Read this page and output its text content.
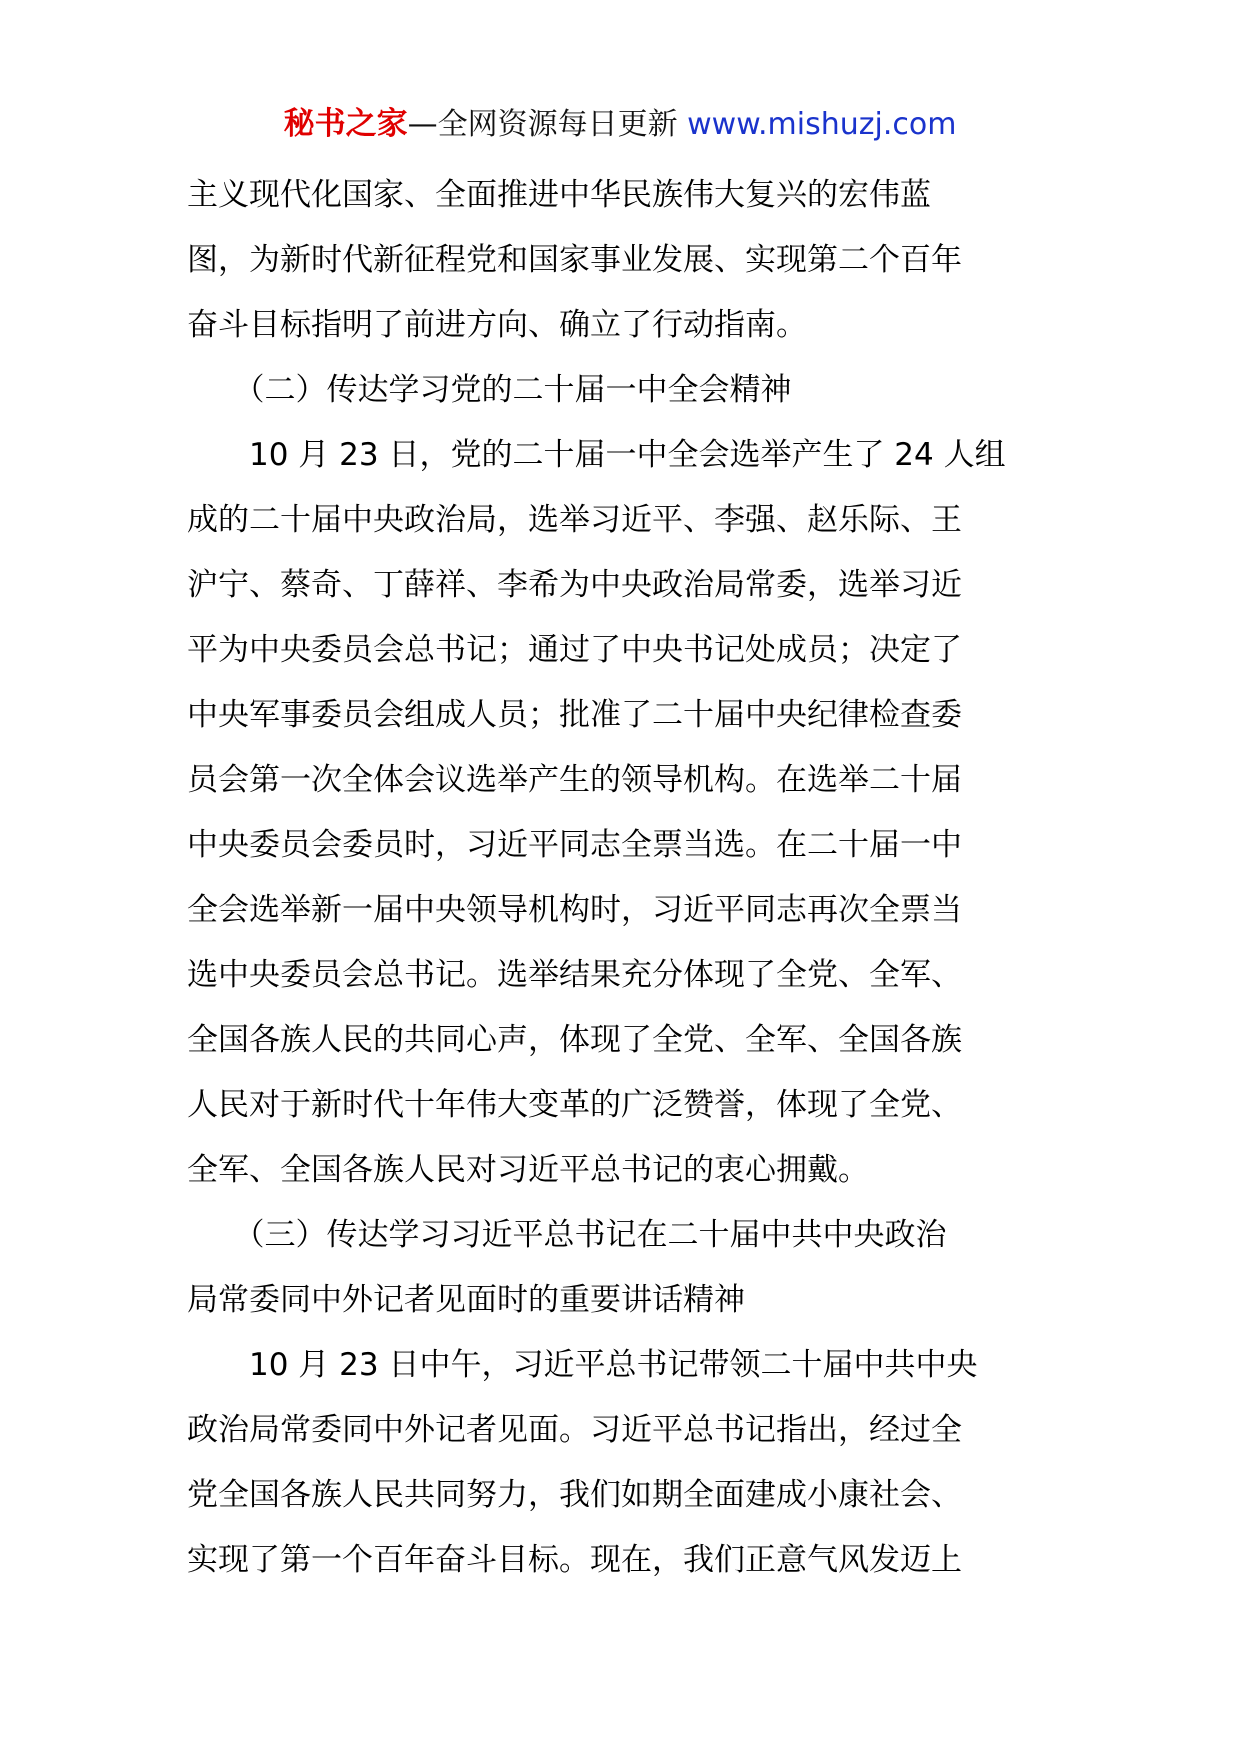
秘书之家—全网资源每日更新 www.mishuzj.com
主义现代化国家、全面推进中华民族伟大复兴的宏伟蓝
图，为新时代新征程党和国家事业发展、实现第二个百年
奋斗目标指明了前进方向、确立了行动指南。
　　（二）传达学习党的二十届一中全会精神
　　10 月 23 日，党的二十届一中全会选举产生了 24 人组
成的二十届中央政治局，选举习近平、李强、赵乐际、王
沪宁、蔡奇、丁薛祥、李希为中央政治局常委，选举习近
平为中央委员会总书记；通过了中央书记处成员；决定了
中央军事委员会组成人员；批准了二十届中央纪律检查委
员会第一次全体会议选举产生的领导机构。在选举二十届
中央委员会委员时，习近平同志全票当选。在二十届一中
全会选举新一届中央领导机构时，习近平同志再次全票当
选中央委员会总书记。选举结果充分体现了全党、全军、
全国各族人民的共同心声，体现了全党、全军、全国各族
人民对于新时代十年伟大变革的广泛赞誉，体现了全党、
全军、全国各族人民对习近平总书记的衷心拥戴。
　　（三）传达学习习近平总书记在二十届中共中央政治
局常委同中外记者见面时的重要讲话精神
　　10 月 23 日中午，习近平总书记带领二十届中共中央
政治局常委同中外记者见面。习近平总书记指出，经过全
党全国各族人民共同努力，我们如期全面建成小康社会、
实现了第一个百年奋斗目标。现在，我们正意气风发迈上
